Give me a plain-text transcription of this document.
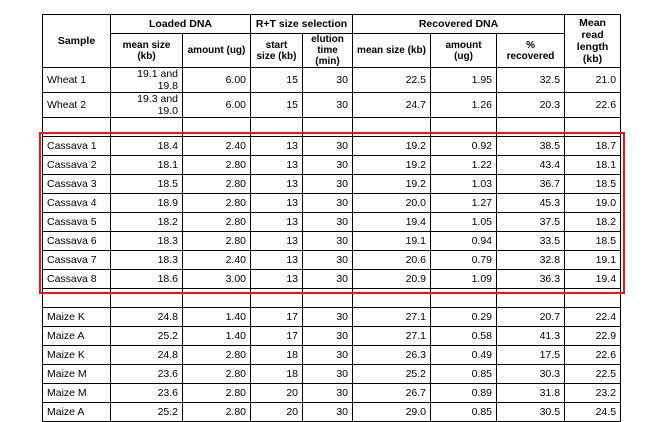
Sample	Loaded DNA		R+T size selection		Recovered DNA			Mean read length (kb)
	mean size (kb)	amount (ug)	start size (kb)	elution time (min)	mean size (kb)	amount (ug)	% recovered	
Wheat 1	19.1 and 19.8	6.00	15	30	22.5	1.95	32.5	21.0
Wheat 2	19.3 and 19.0	6.00	15	30	24.7	1.26	20.3	22.6

Cassava 1	18.4	2.40	13	30	19.2	0.92	38.5	18.7
Cassava 2	18.1	2.80	13	30	19.2	1.22	43.4	18.1
Cassava 3	18.5	2.80	13	30	19.2	1.03	36.7	18.5
Cassava 4	18.9	2.80	13	30	20.0	1.27	45.3	19.0
Cassava 5	18.2	2.80	13	30	19.4	1.05	37.5	18.2
Cassava 6	18.3	2.80	13	30	19.1	0.94	33.5	18.5
Cassava 7	18.3	2.40	13	30	20.6	0.79	32.8	19.1
Cassava 8	18.6	3.00	13	30	20.9	1.09	36.3	19.4

Maize K	24.8	1.40	17	30	27.1	0.29	20.7	22.4
Maize A	25.2	1.40	17	30	27.1	0.58	41.3	22.9
Maize K	24.8	2.80	18	30	26.3	0.49	17.5	22.6
Maize M	23.6	2.80	18	30	25.2	0.85	30.3	22.5
Maize M	23.6	2.80	20	30	26.7	0.89	31.8	23.2
Maize A	25.2	2.80	20	30	29.0	0.85	30.5	24.5
